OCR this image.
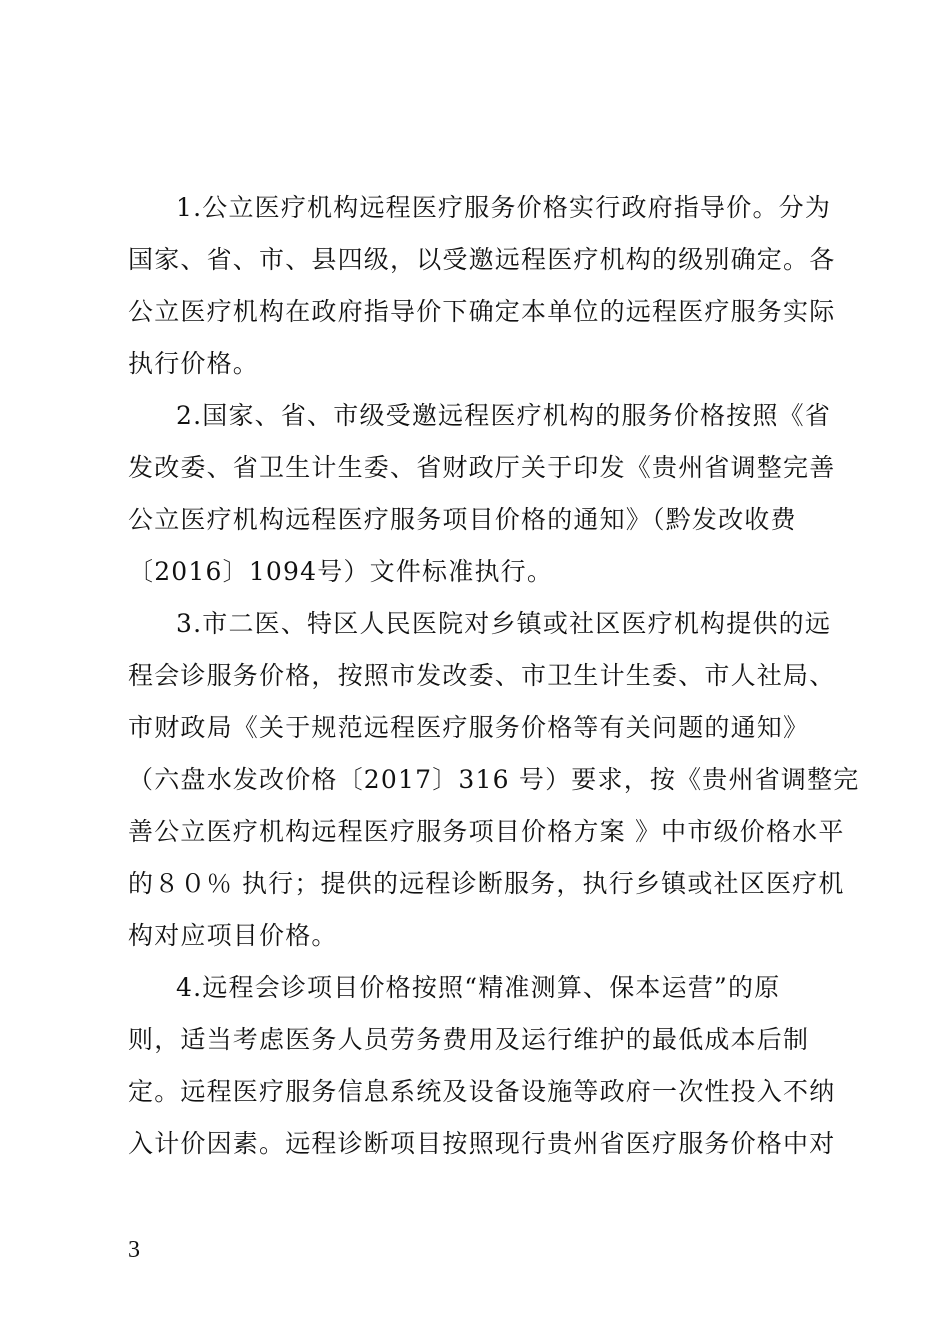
1.公立医疗机构远程医疗服务价格实行政府指导价。分为
国家、省、市、县四级，以受邀远程医疗机构的级别确定。各
公立医疗机构在政府指导价下确定本单位的远程医疗服务实际
执行价格。
2.国家、省、市级受邀远程医疗机构的服务价格按照《省
发改委、省卫生计生委、省财政厅关于印发《贵州省调整完善
公立医疗机构远程医疗服务项目价格的通知》（黔发改收费
〔2016〕1094号）文件标准执行。
3.市二医、特区人民医院对乡镇或社区医疗机构提供的远
程会诊服务价格，按照市发改委、市卫生计生委、市人社局、
市财政局《关于规范远程医疗服务价格等有关问题的通知》
（六盘水发改价格〔2017〕316 号）要求，按《贵州省调整完
善公立医疗机构远程医疗服务项目价格方案 》中市级价格水平
的８０％ 执行；提供的远程诊断服务，执行乡镇或社区医疗机
构对应项目价格。
4.远程会诊项目价格按照“精准测算、保本运营”的原
则，适当考虑医务人员劳务费用及运行维护的最低成本后制
定。远程医疗服务信息系统及设备设施等政府一次性投入不纳
入计价因素。远程诊断项目按照现行贵州省医疗服务价格中对
3
